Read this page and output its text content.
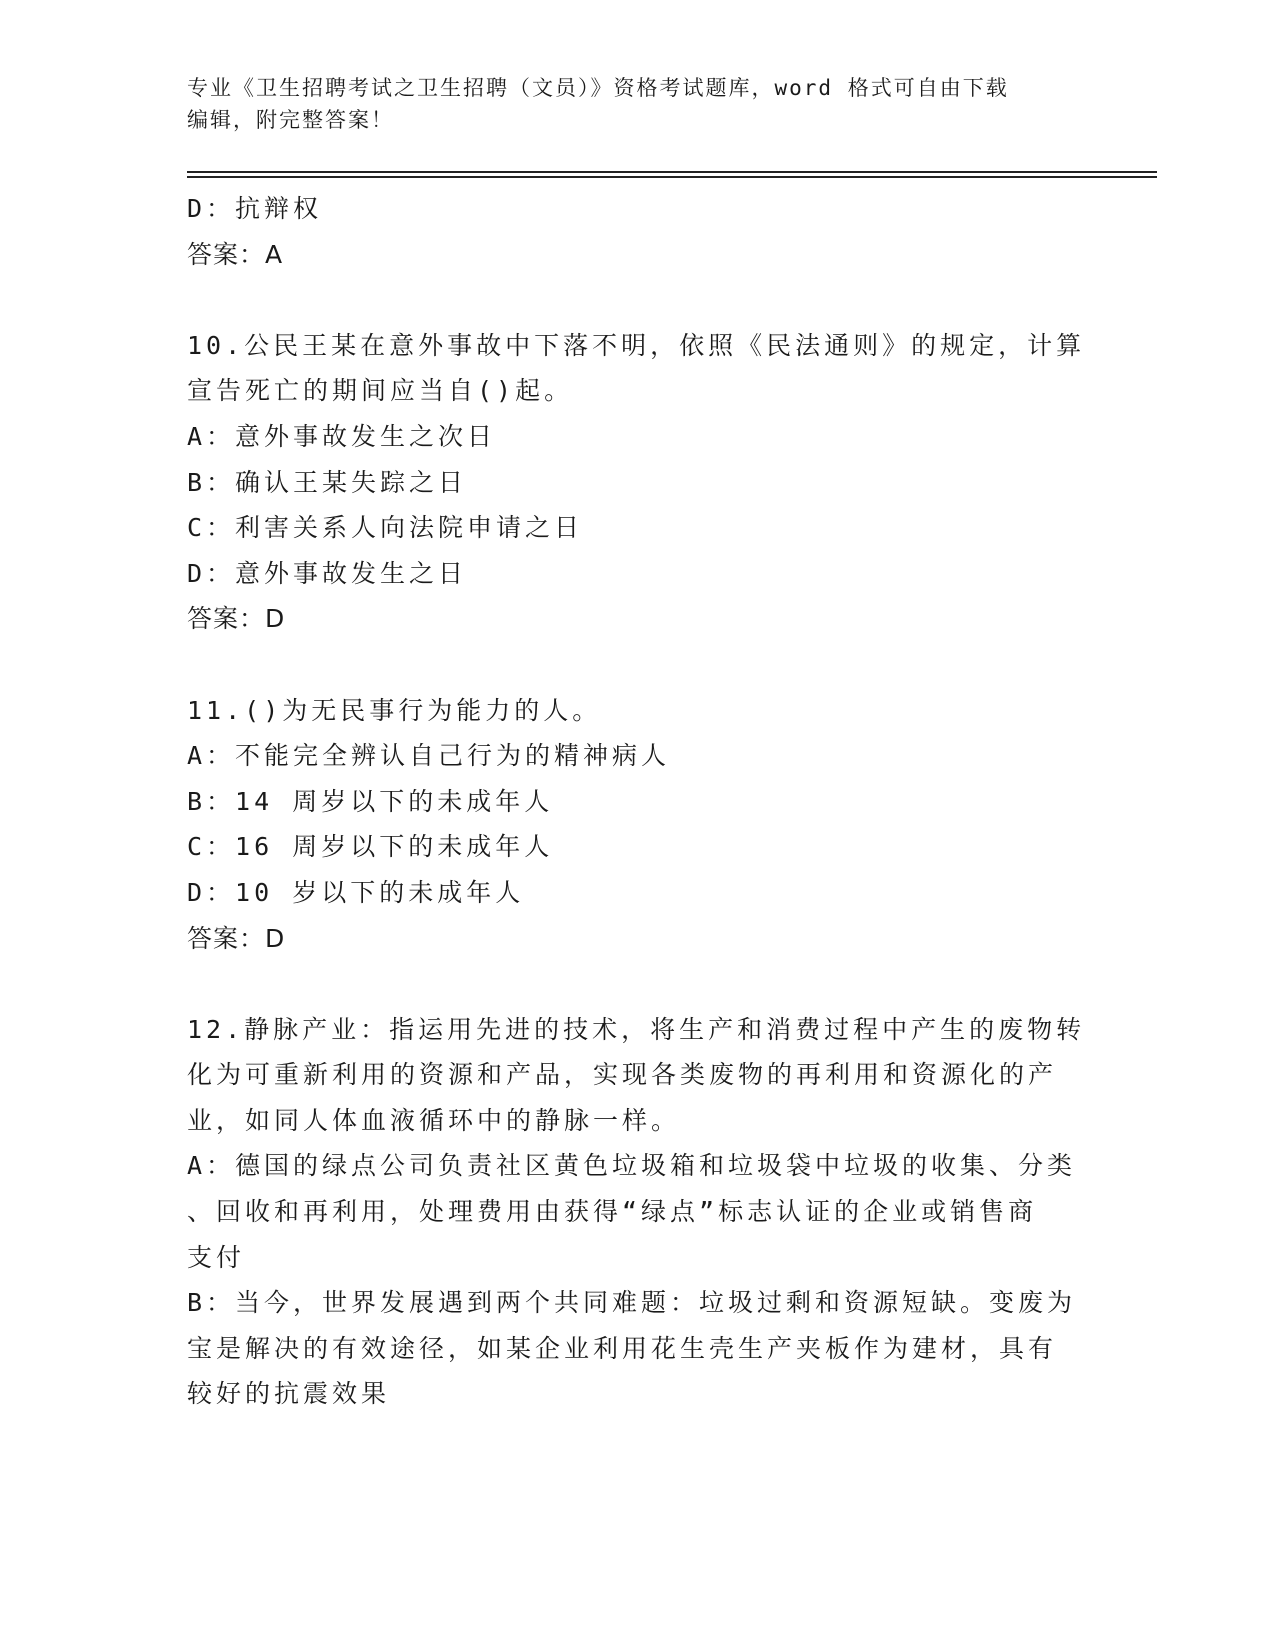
专业《卫生招聘考试之卫生招聘（文员）》资格考试题库，word 格式可自由下载
编辑，附完整答案！
D：抗辩权
答案：A
10.公民王某在意外事故中下落不明，依照《民法通则》的规定，计算
宣告死亡的期间应当自()起。
A：意外事故发生之次日
B：确认王某失踪之日
C：利害关系人向法院申请之日
D：意外事故发生之日
答案：D
11.()为无民事行为能力的人。
A：不能完全辨认自己行为的精神病人
B：14 周岁以下的未成年人
C：16 周岁以下的未成年人
D：10 岁以下的未成年人
答案：D
12.静脉产业：指运用先进的技术，将生产和消费过程中产生的废物转
化为可重新利用的资源和产品，实现各类废物的再利用和资源化的产
业，如同人体血液循环中的静脉一样。
A：德国的绿点公司负责社区黄色垃圾箱和垃圾袋中垃圾的收集、分类
、回收和再利用，处理费用由获得“绿点”标志认证的企业或销售商
支付
B：当今，世界发展遇到两个共同难题：垃圾过剩和资源短缺。变废为
宝是解决的有效途径，如某企业利用花生壳生产夹板作为建材，具有
较好的抗震效果
